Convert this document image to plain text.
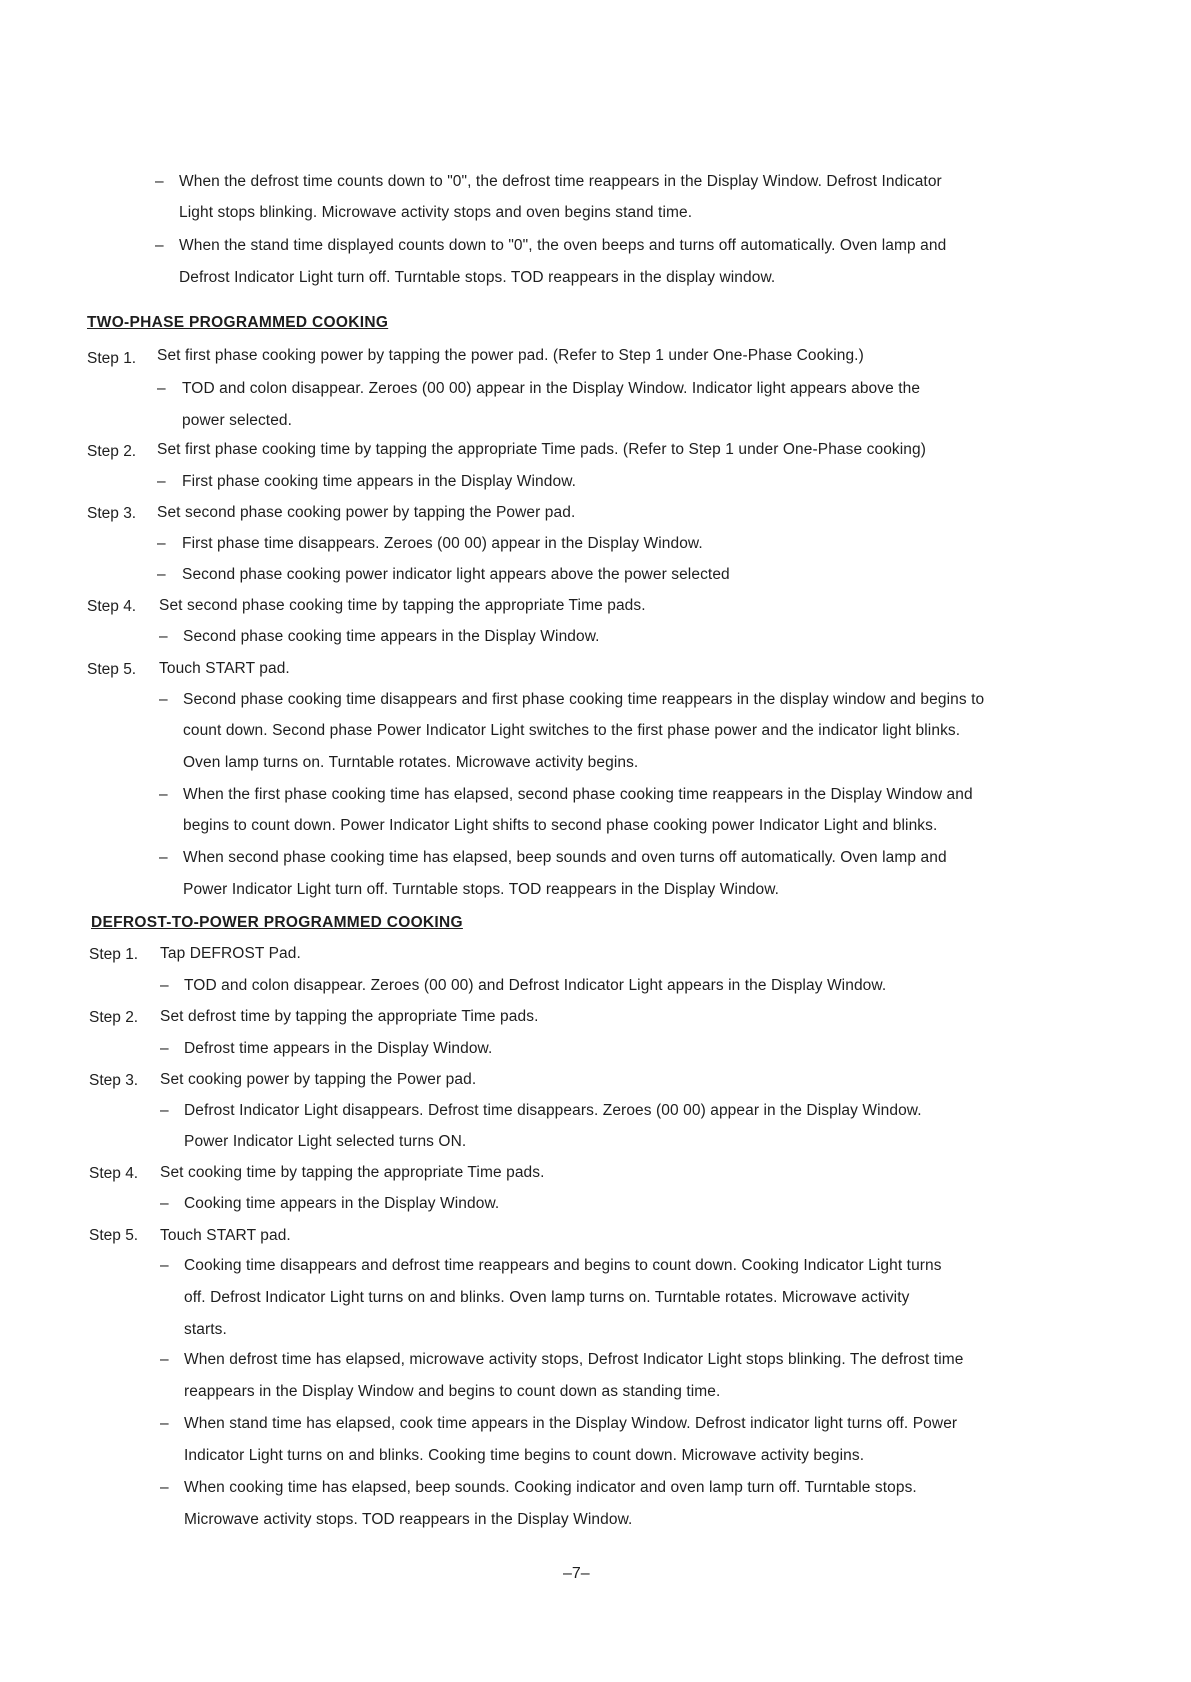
– When the defrost time counts down to "0", the defrost time reappears in the Display Window. Defrost Indicator
Light stops blinking. Microwave activity stops and oven begins stand time.
– When the stand time displayed counts down to "0", the oven beeps and turns off automatically. Oven lamp and
Defrost Indicator Light turn off. Turntable stops. TOD reappears in the display window.
TWO-PHASE PROGRAMMED COOKING
Step 1. Set first phase cooking power by tapping the power pad. (Refer to Step 1 under One-Phase Cooking.)
– TOD and colon disappear. Zeroes (00 00) appear in the Display Window. Indicator light appears above the
power selected.
Step 2. Set first phase cooking time by tapping the appropriate Time pads. (Refer to Step 1 under One-Phase cooking)
– First phase cooking time appears in the Display Window.
Step 3. Set second phase cooking power by tapping the Power pad.
– First phase time disappears. Zeroes (00 00) appear in the Display Window.
– Second phase cooking power indicator light appears above the power selected
Step 4. Set second phase cooking time by tapping the appropriate Time pads.
– Second phase cooking time appears in the Display Window.
Step 5. Touch START pad.
– Second phase cooking time disappears and first phase cooking time reappears in the display window and begins to
count down. Second phase Power Indicator Light switches to the first phase power and the indicator light blinks.
Oven lamp turns on. Turntable rotates. Microwave activity begins.
– When the first phase cooking time has elapsed, second phase cooking time reappears in the Display Window and
begins to count down. Power Indicator Light shifts to second phase cooking power Indicator Light and blinks.
– When second phase cooking time has elapsed, beep sounds and oven turns off automatically. Oven lamp and
Power Indicator Light turn off. Turntable stops. TOD reappears in the Display Window.
DEFROST-TO-POWER PROGRAMMED COOKING
Step 1. Tap DEFROST Pad.
– TOD and colon disappear. Zeroes (00 00) and Defrost Indicator Light appears in the Display Window.
Step 2. Set defrost time by tapping the appropriate Time pads.
– Defrost time appears in the Display Window.
Step 3. Set cooking power by tapping the Power pad.
– Defrost Indicator Light disappears. Defrost time disappears. Zeroes (00 00) appear in the Display Window.
Power Indicator Light selected turns ON.
Step 4. Set cooking time by tapping the appropriate Time pads.
– Cooking time appears in the Display Window.
Step 5. Touch START pad.
– Cooking time disappears and defrost time reappears and begins to count down. Cooking Indicator Light turns
off. Defrost Indicator Light turns on and blinks. Oven lamp turns on. Turntable rotates. Microwave activity
starts.
– When defrost time has elapsed, microwave activity stops, Defrost Indicator Light stops blinking. The defrost time
reappears in the Display Window and begins to count down as standing time.
– When stand time has elapsed, cook time appears in the Display Window. Defrost indicator light turns off. Power
Indicator Light turns on and blinks. Cooking time begins to count down. Microwave activity begins.
– When cooking time has elapsed, beep sounds. Cooking indicator and oven lamp turn off. Turntable stops.
Microwave activity stops. TOD reappears in the Display Window.
–7–
